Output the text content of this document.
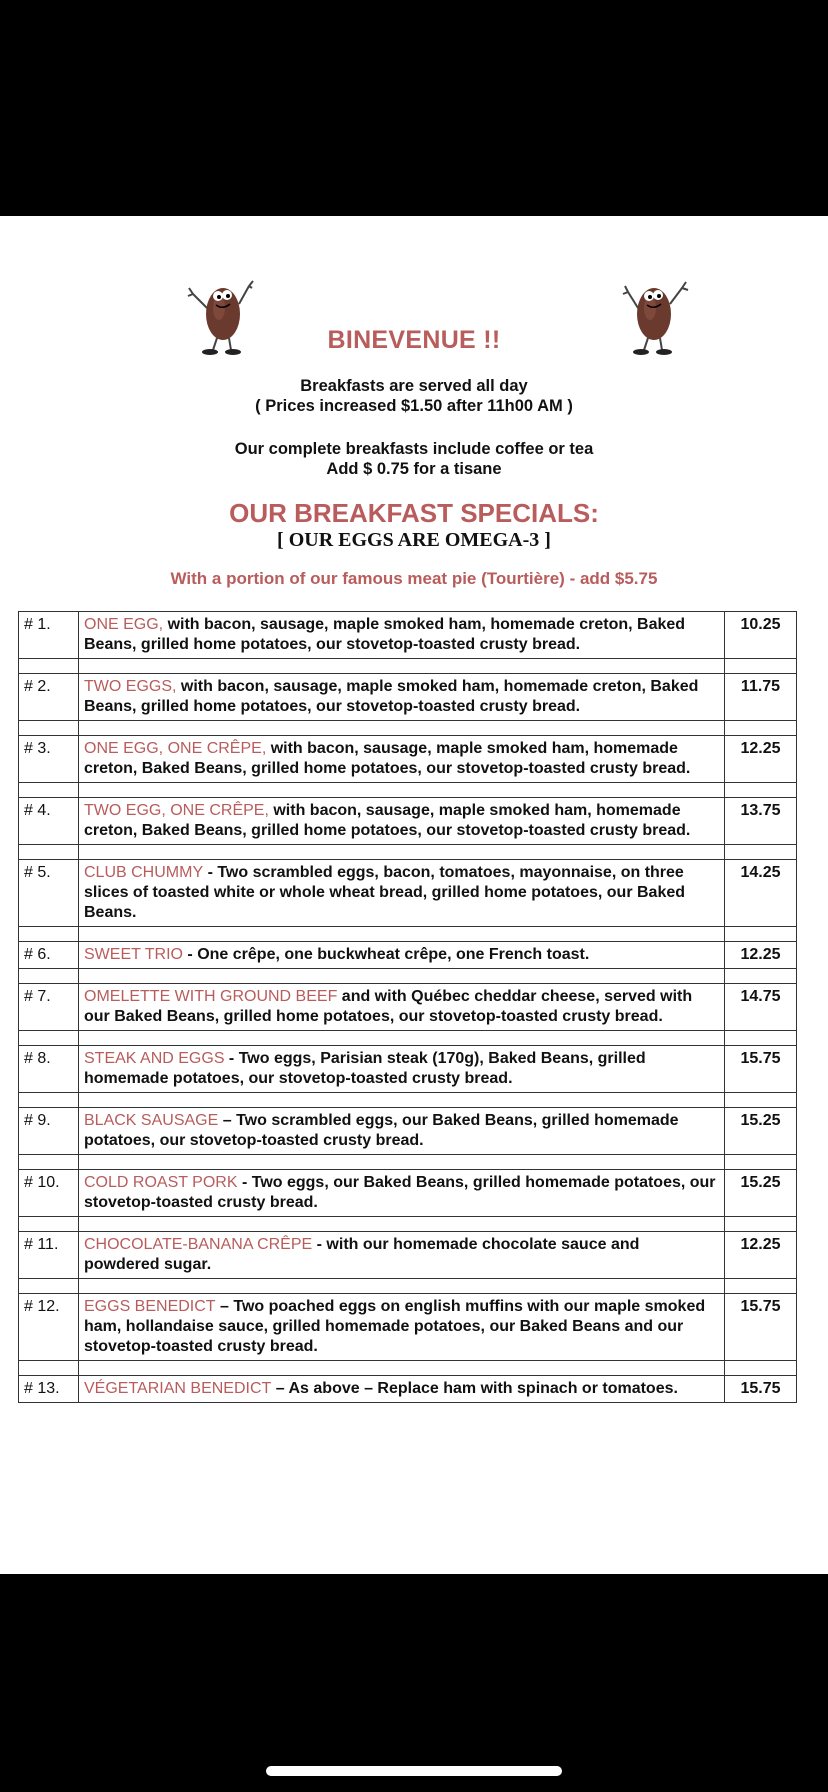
BINEVENUE !!
Breakfasts are served all day
( Prices increased $1.50 after 11h00 AM )
Our complete breakfasts include coffee or tea
Add $ 0.75 for a tisane
OUR BREAKFAST SPECIALS:
[ OUR EGGS ARE OMEGA-3 ]
With a portion of our famous meat pie (Tourtière) - add $5.75
# 1.	ONE EGG, with bacon, sausage, maple smoked ham, homemade creton, Baked Beans, grilled home potatoes, our stovetop-toasted crusty bread.	10.25

# 2.	TWO EGGS, with bacon, sausage, maple smoked ham, homemade creton, Baked Beans, grilled home potatoes, our stovetop-toasted crusty bread.	11.75

# 3.	ONE EGG, ONE CRÊPE, with bacon, sausage, maple smoked ham, homemade creton, Baked Beans, grilled home potatoes, our stovetop-toasted crusty bread.	12.25

# 4.	TWO EGG, ONE CRÊPE, with bacon, sausage, maple smoked ham, homemade creton, Baked Beans, grilled home potatoes, our stovetop-toasted crusty bread.	13.75

# 5.	CLUB CHUMMY - Two scrambled eggs, bacon, tomatoes, mayonnaise, on three slices of toasted white or whole wheat bread, grilled home potatoes, our Baked Beans.	14.25

# 6.	SWEET TRIO - One crêpe, one buckwheat crêpe, one French toast.	12.25

# 7.	OMELETTE WITH GROUND BEEF and with Québec cheddar cheese, served with our Baked Beans, grilled home potatoes, our stovetop-toasted crusty bread.	14.75

# 8.	STEAK AND EGGS - Two eggs, Parisian steak (170g), Baked Beans, grilled homemade potatoes, our stovetop-toasted crusty bread.	15.75

# 9.	BLACK SAUSAGE – Two scrambled eggs, our Baked Beans, grilled homemade potatoes, our stovetop-toasted crusty bread.	15.25

# 10.	COLD ROAST PORK - Two eggs, our Baked Beans, grilled homemade potatoes, our stovetop-toasted crusty bread.	15.25

# 11.	CHOCOLATE-BANANA CRÊPE - with our homemade chocolate sauce and powdered sugar.	12.25

# 12.	EGGS BENEDICT – Two poached eggs on english muffins with our maple smoked ham, hollandaise sauce, grilled homemade potatoes, our Baked Beans and our stovetop-toasted crusty bread.	15.75

# 13.	VÉGETARIAN BENEDICT – As above – Replace ham with spinach or tomatoes.	15.75
